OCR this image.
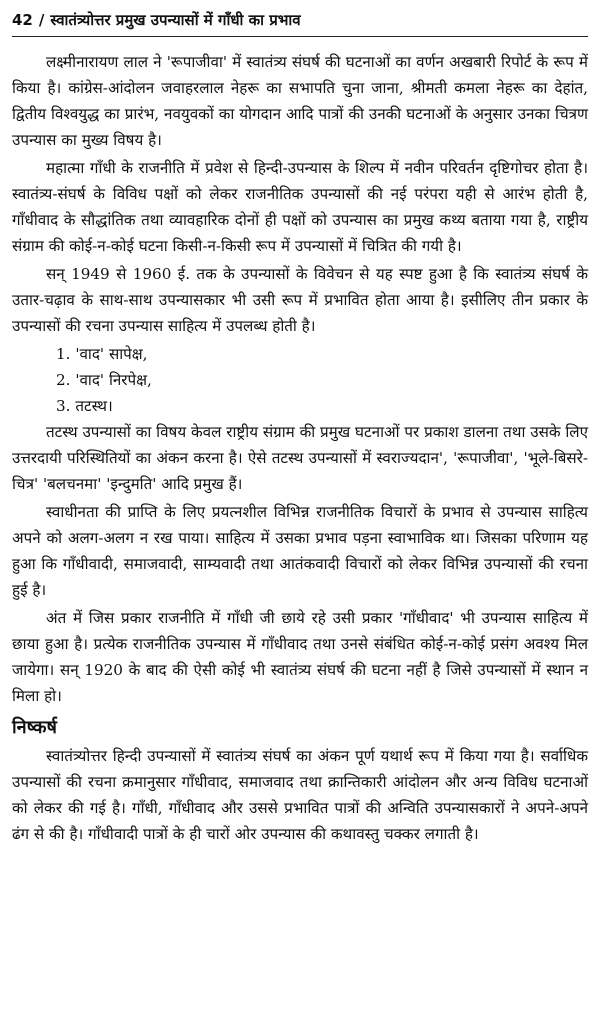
42 / स्वातंत्र्योत्तर प्रमुख उपन्यासों में गाँधी का प्रभाव

लक्ष्मीनारायण लाल ने 'रूपाजीवा' में स्वातंत्र्य संघर्ष की घटनाओं का वर्णन अखबारी रिपोर्ट के रूप में किया है। कांग्रेस-आंदोलन जवाहरलाल नेहरू का सभापति चुना जाना, श्रीमती कमला नेहरू का देहांत, द्वितीय विश्वयुद्ध का प्रारंभ, नवयुवकों का योगदान आदि पात्रों की उनकी घटनाओं के अनुसार उनका चित्रण उपन्यास का मुख्य विषय है।

महात्मा गाँधी के राजनीति में प्रवेश से हिन्दी-उपन्यास के शिल्प में नवीन परिवर्तन दृष्टिगोचर होता है। स्वातंत्र्य-संघर्ष के विविध पक्षों को लेकर राजनीतिक उपन्यासों की नई परंपरा यही से आरंभ होती है, गाँधीवाद के सौद्धांतिक तथा व्यावहारिक दोनों ही पक्षों को उपन्यास का प्रमुख कथ्य बताया गया है, राष्ट्रीय संग्राम की कोई-न-कोई घटना किसी-न-किसी रूप में उपन्यासों में चित्रित की गयी है।

सन् 1949 से 1960 ई. तक के उपन्यासों के विवेचन से यह स्पष्ट हुआ है कि स्वातंत्र्य संघर्ष के उतार-चढ़ाव के साथ-साथ उपन्यासकार भी उसी रूप में प्रभावित होता आया है। इसीलिए तीन प्रकार के उपन्यासों की रचना उपन्यास साहित्य में उपलब्ध होती है।

1. 'वाद' सापेक्ष,
2. 'वाद' निरपेक्ष,
3. तटस्थ।

तटस्थ उपन्यासों का विषय केवल राष्ट्रीय संग्राम की प्रमुख घटनाओं पर प्रकाश डालना तथा उसके लिए उत्तरदायी परिस्थितियों का अंकन करना है। ऐसे तटस्थ उपन्यासों में स्वराज्यदान', 'रूपाजीवा', 'भूले-बिसरे-चित्र' 'बलचनमा' 'इन्दुमति' आदि प्रमुख हैं।

स्वाधीनता की प्राप्ति के लिए प्रयत्नशील विभिन्न राजनीतिक विचारों के प्रभाव से उपन्यास साहित्य अपने को अलग-अलग न रख पाया। साहित्य में उसका प्रभाव पड़ना स्वाभाविक था। जिसका परिणाम यह हुआ कि गाँधीवादी, समाजवादी, साम्यवादी तथा आतंकवादी विचारों को लेकर विभिन्न उपन्यासों की रचना हुई है।

अंत में जिस प्रकार राजनीति में गाँधी जी छाये रहे उसी प्रकार 'गाँधीवाद' भी उपन्यास साहित्य में छाया हुआ है। प्रत्येक राजनीतिक उपन्यास में गाँधीवाद तथा उनसे संबंधित कोई-न-कोई प्रसंग अवश्य मिल जायेगा। सन् 1920 के बाद की ऐसी कोई भी स्वातंत्र्य संघर्ष की घटना नहीं है जिसे उपन्यासों में स्थान न मिला हो।

निष्कर्ष

स्वातंत्र्योत्तर हिन्दी उपन्यासों में स्वातंत्र्य संघर्ष का अंकन पूर्ण यथार्थ रूप में किया गया है। सर्वाधिक उपन्यासों की रचना क्रमानुसार गाँधीवाद, समाजवाद तथा क्रान्तिकारी आंदोलन और अन्य विविध घटनाओं को लेकर की गई है। गाँधी, गाँधीवाद और उससे प्रभावित पात्रों की अन्विति उपन्यासकारों ने अपने-अपने ढंग से की है। गाँधीवादी पात्रों के ही चारों ओर उपन्यास की कथावस्तु चक्कर लगाती है।
